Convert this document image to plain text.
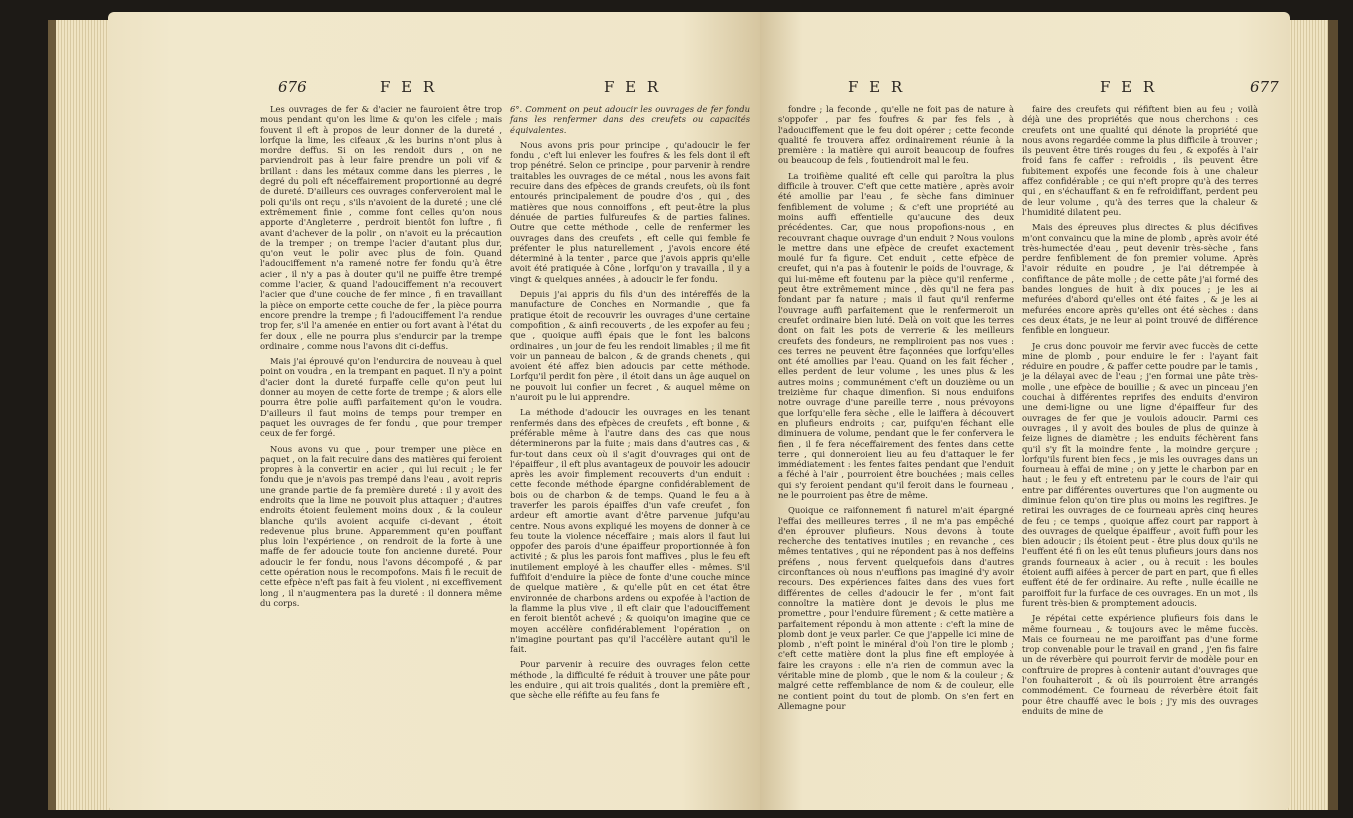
676	F E R	F E R

Les ouvrages de fer & d'acier ne fauroient être trop mous pendant qu'on les lime & qu'on les cifele ; mais fouvent il eft à propos de leur donner de la dureté , lorfque la lime, les cifeaux ,& les burins n'ont plus à mordre deffus. Si on les rendoit durs , on ne parviendroit pas à leur faire prendre un poli vif & brillant : dans les métaux comme dans les pierres , le degré du poli eft néceffairement proportionné au degré de dureté. D'ailleurs ces ouvrages conferveroient mal le poli qu'ils ont reçu , s'ils n'avoient de la dureté ; une clé extrêmement finie , comme font celles qu'on nous apporte d'Angleterre , perdroit bientôt fon luftre , fi avant d'achever de la polir , on n'avoit eu la précaution de la tremper ; on trempe l'acier d'autant plus dur, qu'on veut le polir avec plus de foin. Quand l'adouciffement n'a ramené notre fer fondu qu'à être acier , il n'y a pas à douter qu'il ne puiffe être trempé comme l'acier, & quand l'adouciffement n'a recouvert l'acier que d'une couche de fer mince , fi en travaillant la pièce on emporte cette couche de fer , la pièce pourra encore prendre la trempe ; fi l'adouciffement l'a rendue trop fer, s'il l'a amenée en entier ou fort avant à l'état du fer doux , elle ne pourra plus s'endurcir par la trempe ordinaire , comme nous l'avons dit ci-deffus.

Mais j'ai éprouvé qu'on l'endurcira de nouveau à quel point on voudra , en la trempant en paquet. Il n'y a point d'acier dont la dureté furpaffe celle qu'on peut lui donner au moyen de cette forte de trempe ; & alors elle pourra être polie auffi parfaitement qu'on le voudra. D'ailleurs il faut moins de temps pour tremper en paquet les ouvrages de fer fondu , que pour tremper ceux de fer forgé.

Nous avons vu que , pour tremper une pièce en paquet , on la fait recuire dans des matières qui feroient propres à la convertir en acier , qui lui recuit ; le fer fondu que je n'avois pas trempé dans l'eau , avoit repris une grande partie de fa première dureté : il y avoit des endroits que la lime ne pouvoit plus attaquer ; d'autres endroits étoient feulement moins doux , & la couleur blanche qu'ils avoient acquife ci-devant , étoit redevenue plus brune. Apparemment qu'en pouffant plus loin l'expérience , on rendroit de la forte à une maffe de fer adoucie toute fon ancienne dureté. Pour adoucir le fer fondu, nous l'avons décompofé , & par cette opération nous le recompofons. Mais fi le recuit de cette efpèce n'eft pas fait à feu violent , ni exceffivement long , il n'augmentera pas la dureté : il donnera même du corps.

6°. Comment on peut adoucir les ouvrages de fer fondu fans les renfermer dans des creufets ou capacités équivalentes.

Nous avons pris pour principe , qu'adoucir le fer fondu , c'eft lui enlever les foufres & les fels dont il eft trop pénétré. Selon ce principe , pour parvenir à rendre traitables les ouvrages de ce métal , nous les avons fait recuire dans des efpèces de grands creufets, où ils font entourés principalement de poudre d'os , qui , des matières que nous connoiffons , eft peut-être la plus dénuée de parties fulfureufes & de parties falines. Outre que cette méthode , celle de renfermer les ouvrages dans des creufets , eft celle qui femble fe préfenter le plus naturellement , j'avois encore été déterminé à la tenter , parce que j'avois appris qu'elle avoit été pratiquée à Cône , lorfqu'on y travailla , il y a vingt & quelques années , à adoucir le fer fondu.

Depuis j'ai appris du fils d'un des intéreffés de la manufacture de Conches en Normandie , que fa pratique étoit de recouvrir les ouvrages d'une certaine compofition , & ainfi recouverts , de les expofer au feu ; que , quoique auffi épais que le font les balcons ordinaires , un jour de feu les rendoit limables ; il me fit voir un panneau de balcon , & de grands chenets , qui avoient été affez bien adoucis par cette méthode. Lorfqu'il perdit fon père , il étoit dans un âge auquel on ne pouvoit lui confier un fecret , & auquel même on n'auroit pu le lui apprendre.

La méthode d'adoucir les ouvrages en les tenant renfermés dans des efpèces de creufets , eft bonne , & préférable même à l'autre dans des cas que nous déterminerons par la fuite ; mais dans d'autres cas , & fur-tout dans ceux où il s'agit d'ouvrages qui ont de l'épaiffeur , il eft plus avantageux de pouvoir les adoucir après les avoir fimplement recouverts d'un enduit : cette feconde méthode épargne confidérablement de bois ou de charbon & de temps. Quand le feu a à traverfer les parois épaiffes d'un vafe creufet , fon ardeur eft amortie avant d'être parvenue jufqu'au centre. Nous avons expliqué les moyens de donner à ce feu toute la violence néceffaire ; mais alors il faut lui oppofer des parois d'une épaiffeur proportionnée à fon activité ; & plus les parois font maffives , plus le feu eft inutilement employé à les chauffer elles - mêmes. S'il fuffifoit d'enduire la pièce de fonte d'une couche mince de quelque matière , & qu'elle pût en cet état être environnée de charbons ardens ou expofée à l'action de la flamme la plus vive , il eft clair que l'adouciffement en feroit bientôt achevé ; & quoiqu'on imagine que ce moyen accélère confidérablement l'opération , on n'imagine pourtant pas qu'il l'accélère autant qu'il le fait.

Pour parvenir à recuire des ouvrages felon cette méthode , la difficulté fe réduit à trouver une pâte pour les enduire , qui ait trois qualités , dont la première eft , que sèche elle réfifte au feu fans fe

F E R	F E R	677

fondre ; la feconde , qu'elle ne foit pas de nature à s'oppofer , par fes foufres & par fes fels , à l'adouciffement que le feu doit opérer ; cette feconde qualité fe trouvera affez ordinairement réunie à la première : la matière qui auroit beaucoup de foufres ou beaucoup de fels , foutiendroit mal le feu.

La troifième qualité eft celle qui paroîtra la plus difficile à trouver. C'eft que cette matière , après avoir été amollie par l'eau , fe sèche fans diminuer fenfiblement de volume ; & c'eft une propriété au moins auffi effentielle qu'aucune des deux précédentes. Car, que nous propofions-nous , en recouvrant chaque ouvrage d'un enduit ? Nous voulons le mettre dans une efpèce de creufet exactement moulé fur fa figure. Cet enduit , cette efpèce de creufet, qui n'a pas à foutenir le poids de l'ouvrage, & qui lui-même eft foutenu par la pièce qu'il renferme , peut être extrêmement mince , dès qu'il ne fera pas fondant par fa nature ; mais il faut qu'il renferme l'ouvrage auffi parfaitement que le renfermeroit un creufet ordinaire bien luté. Delà on voit que les terres dont on fait les pots de verrerie & les meilleurs creufets des fondeurs, ne rempliroient pas nos vues : ces terres ne peuvent être façonnées que lorfqu'elles ont été amollies par l'eau. Quand on les fait fécher , elles perdent de leur volume , les unes plus & les autres moins ; communément c'eft un douzième ou un treizième fur chaque dimenfion. Si nous enduifons notre ouvrage d'une pareille terre , nous prévoyons que lorfqu'elle fera sèche , elle le laiffera à découvert en plufieurs endroits ; car, puifqu'en féchant elle diminuera de volume, pendant que le fer confervera le fien , il fe fera néceffairement des fentes dans cette terre , qui donneroient lieu au feu d'attaquer le fer immédiatement : les fentes faites pendant que l'enduit a féché à l'air , pourroient être bouchées ; mais celles qui s'y feroient pendant qu'il feroit dans le fourneau , ne le pourroient pas être de même.

Quoique ce raifonnement fi naturel m'ait épargné l'effai des meilleures terres , il ne m'a pas empêché d'en éprouver plufieurs. Nous devons à toute recherche des tentatives inutiles ; en revanche , ces mêmes tentatives , qui ne répondent pas à nos deffeins préfens , nous fervent quelquefois dans d'autres circonftances où nous n'euffions pas imaginé d'y avoir recours. Des expériences faites dans des vues fort différentes de celles d'adoucir le fer , m'ont fait connoître la matière dont je devois le plus me promettre , pour l'enduire fûrement ; & cette matière a parfaitement répondu à mon attente : c'eft la mine de plomb dont je veux parler. Ce que j'appelle ici mine de plomb , n'eft point le minéral d'où l'on tire le plomb ; c'eft cette matière dont la plus fine eft employée à faire les crayons : elle n'a rien de commun avec la véritable mine de plomb , que le nom & la couleur ; & malgré cette reffemblance de nom & de couleur, elle ne contient point du tout de plomb. On s'en fert en Allemagne pour

faire des creufets qui réfiftent bien au feu ; voilà déjà une des propriétés que nous cherchons : ces creufets ont une qualité qui dénote la propriété que nous avons regardée comme la plus difficile à trouver ; ils peuvent être tirés rouges du feu , & expofés à l'air froid fans fe caffer : refroidis , ils peuvent être fubitement expofés une feconde fois à une chaleur affez confidérable ; ce qui n'eft propre qu'à des terres qui , en s'échauffant & en fe refroidiffant, perdent peu de leur volume , qu'à des terres que la chaleur & l'humidité dilatent peu.

Mais des épreuves plus directes & plus décifives m'ont convaincu que la mine de plomb , après avoir été très-humectée d'eau , peut devenir très-sèche , fans perdre fenfiblement de fon premier volume. Après l'avoir réduite en poudre , je l'ai détrempée à confiftance de pâte molle ; de cette pâte j'ai formé des bandes longues de huit à dix pouces ; je les ai mefurées d'abord qu'elles ont été faites , & je les ai mefurées encore après qu'elles ont été sèches : dans ces deux états, je ne leur ai point trouvé de différence fenfible en longueur.

Je crus donc pouvoir me fervir avec fuccès de cette mine de plomb , pour enduire le fer : l'ayant fait réduire en poudre , & paffer cette poudre par le tamis , je la délayai avec de l'eau ; j'en formai une pâte très-molle , une efpèce de bouillie ; & avec un pinceau j'en couchai à différentes reprifes des enduits d'environ une demi-ligne ou une ligne d'épaiffeur fur des ouvrages de fer que je voulois adoucir. Parmi ces ouvrages , il y avoit des boules de plus de quinze à feize lignes de diamètre ; les enduits féchèrent fans qu'il s'y fît la moindre fente , la moindre gerçure ; lorfqu'ils furent bien fecs , je mis les ouvrages dans un fourneau à effai de mine ; on y jette le charbon par en haut ; le feu y eft entretenu par le cours de l'air qui entre par différentes ouvertures que l'on augmente ou diminue felon qu'on tire plus ou moins les regiftres. Je retirai les ouvrages de ce fourneau après cinq heures de feu ; ce temps , quoique affez court par rapport à des ouvrages de quelque épaiffeur , avoit fuffi pour les bien adoucir ; ils étoient peut - être plus doux qu'ils ne l'euffent été fi on les eût tenus plufieurs jours dans nos grands fourneaux à acier , ou à recuit : les boules étoient auffi aifées à percer de part en part, que fi elles euffent été de fer ordinaire. Au refte , nulle écaille ne paroiffoit fur la furface de ces ouvrages. En un mot , ils furent très-bien & promptement adoucis.

Je répétai cette expérience plufieurs fois dans le même fourneau , & toujours avec le même fuccès. Mais ce fourneau ne me paroiffant pas d'une forme trop convenable pour le travail en grand , j'en fis faire un de réverbère qui pourroit fervir de modèle pour en conftruire de propres à contenir autant d'ouvrages que l'on fouhaiteroit , & où ils pourroient être arrangés commodément. Ce fourneau de réverbère étoit fait pour être chauffé avec le bois ; j'y mis des ouvrages enduits de mine de
